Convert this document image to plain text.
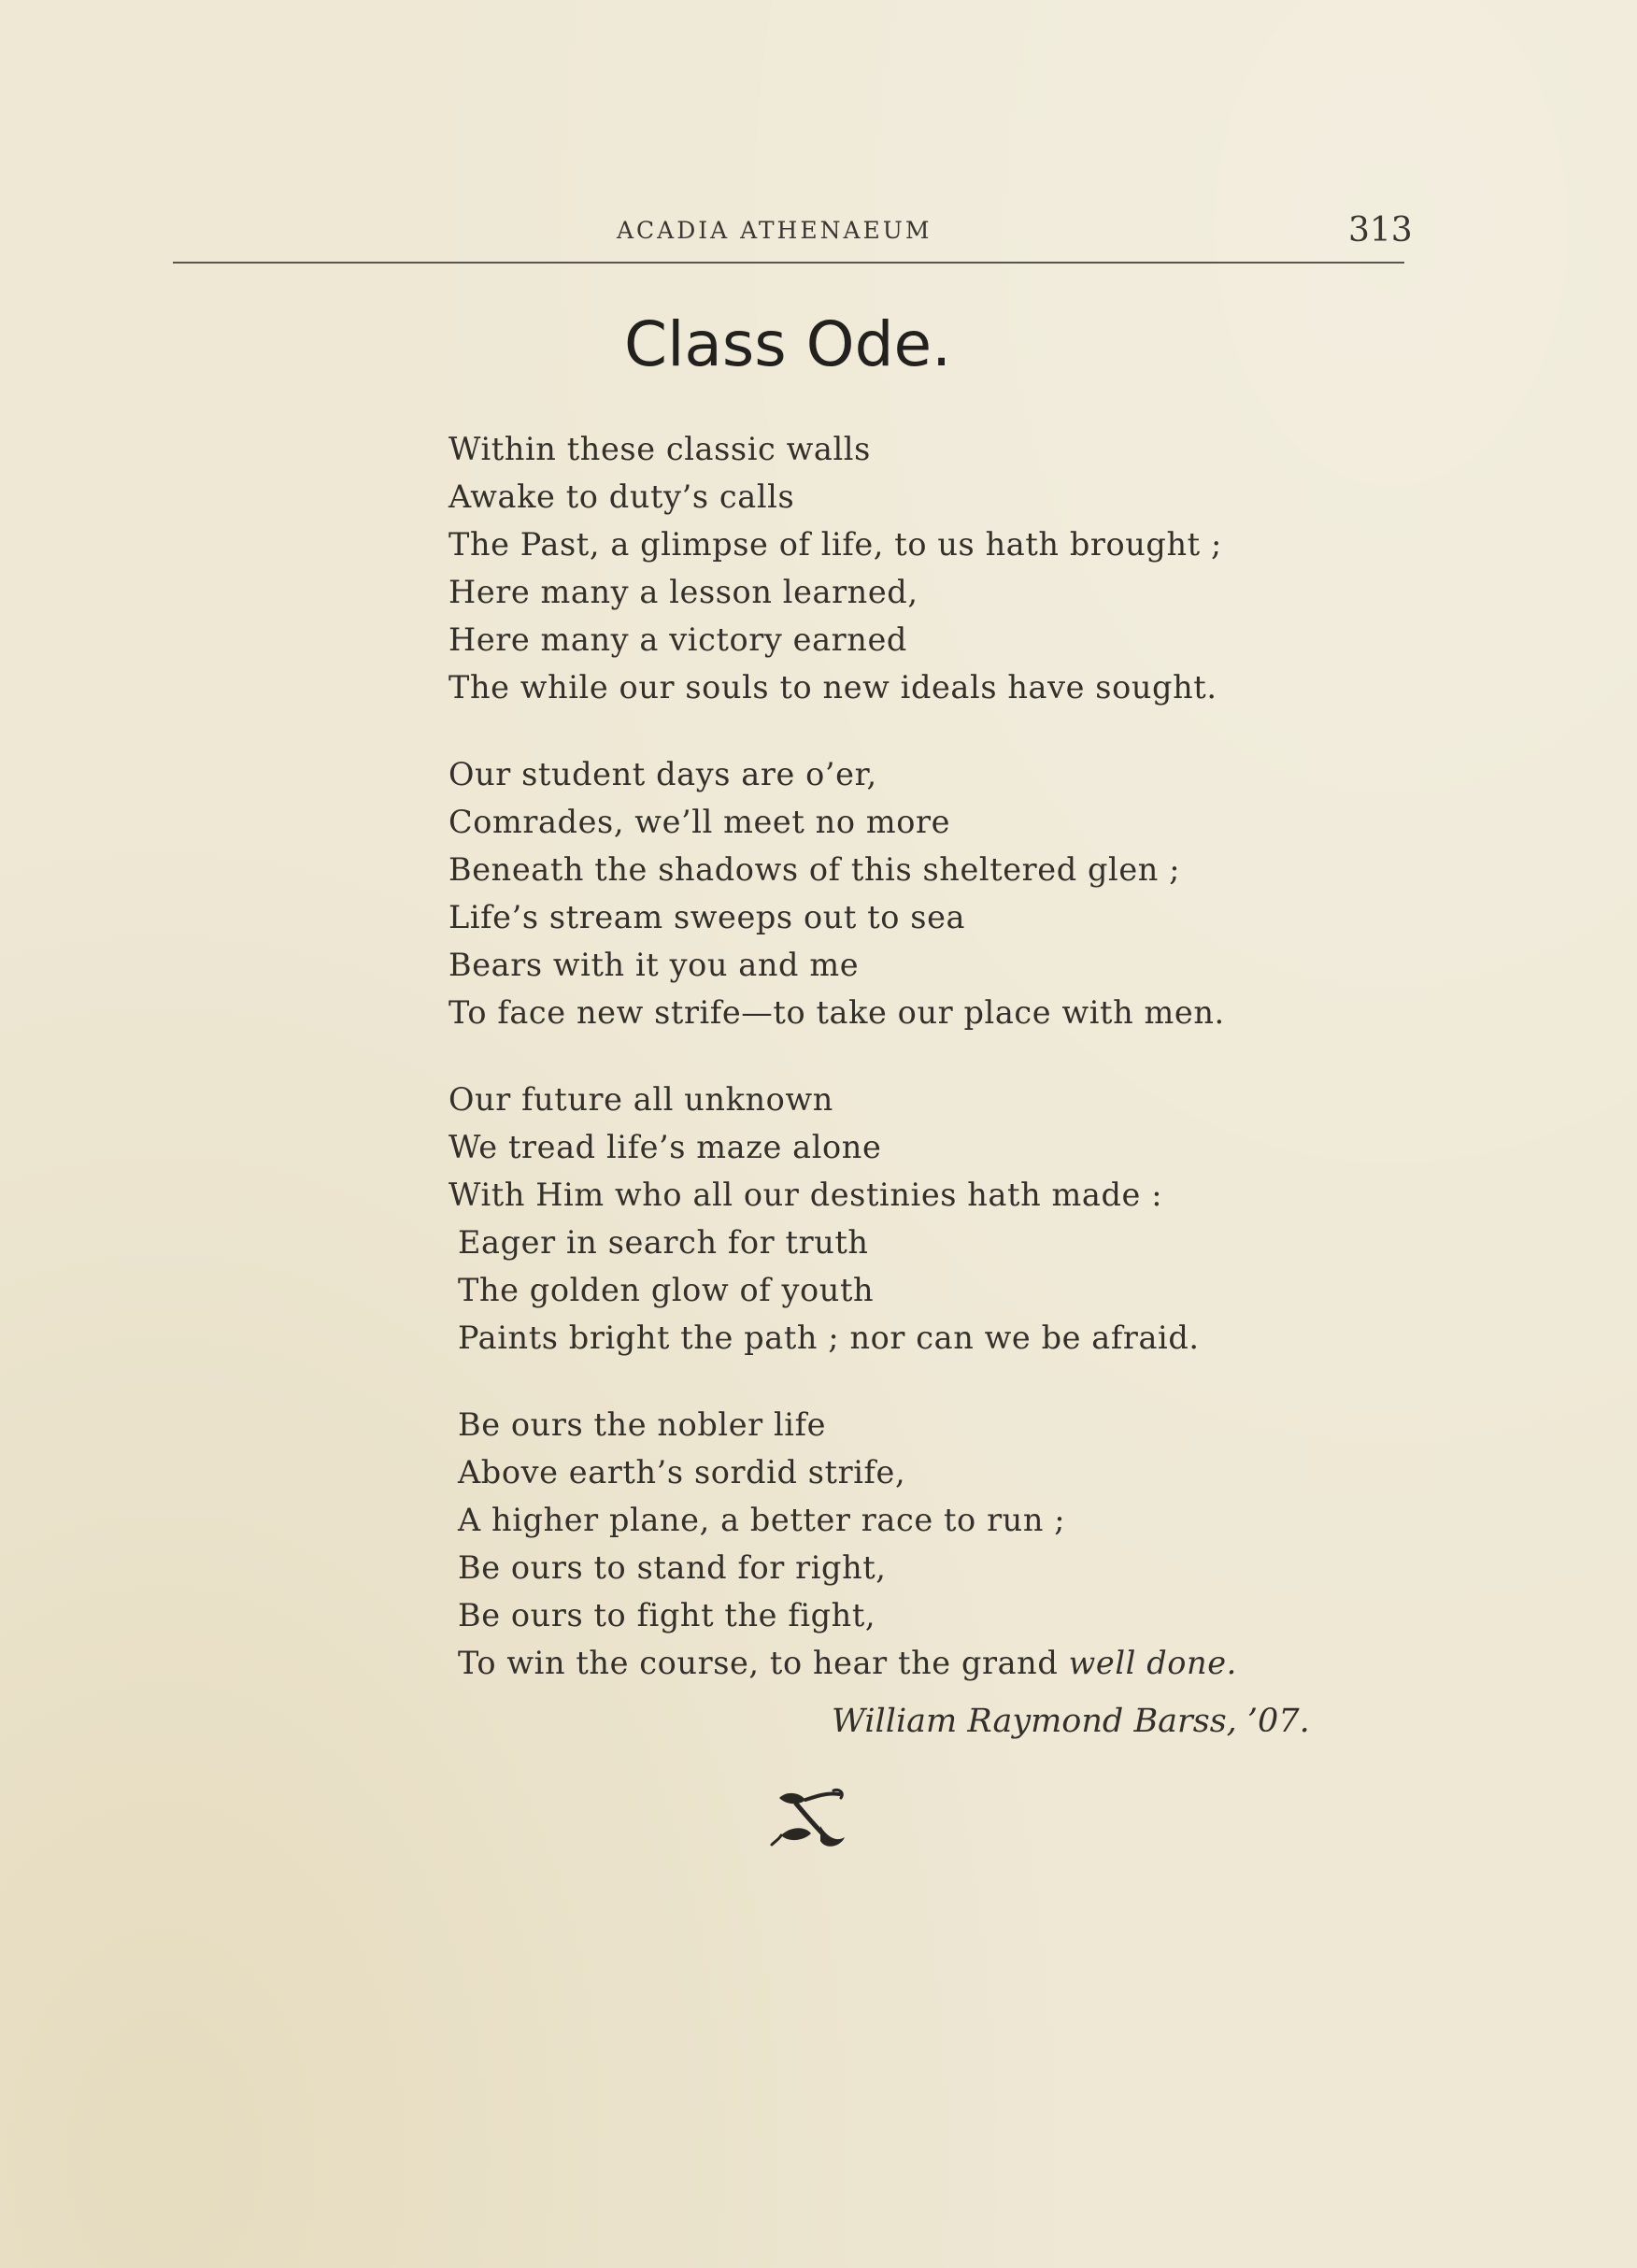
ACADIA ATHENAEUM	313
Class Ode.
Within these classic walls
Awake to duty’s calls
The Past, a glimpse of life, to us hath brought ;
Here many a lesson learned,
Here many a victory earned
The while our souls to new ideals have sought.
Our student days are o’er,
Comrades, we’ll meet no more
Beneath the shadows of this sheltered glen ;
Life’s stream sweeps out to sea
Bears with it you and me
To face new strife—to take our place with men.
Our future all unknown
We tread life’s maze alone
With Him who all our destinies hath made :
Eager in search for truth
The golden glow of youth
Paints bright the path ; nor can we be afraid.
Be ours the nobler life
Above earth’s sordid strife,
A higher plane, a better race to run ;
Be ours to stand for right,
Be ours to fight the fight,
To win the course, to hear the grand well done.
William Raymond Barss, ’07.
